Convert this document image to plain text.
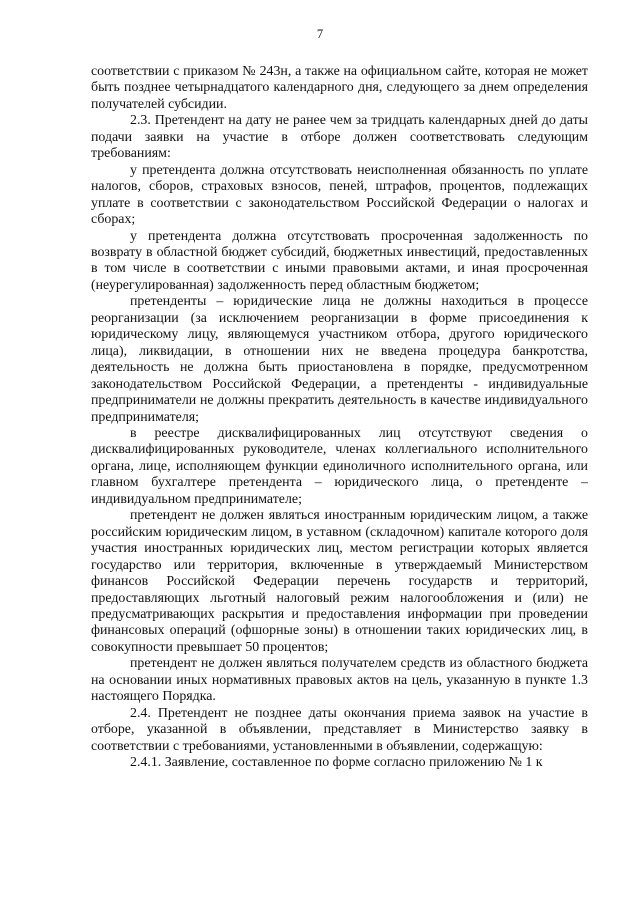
7

соответствии с приказом № 243н, а также на официальном сайте, которая не может быть позднее четырнадцатого календарного дня, следующего за днем определения получателей субсидии.

2.3. Претендент на дату не ранее чем за тридцать календарных дней до даты подачи заявки на участие в отборе должен соответствовать следующим требованиям:

у претендента должна отсутствовать неисполненная обязанность по уплате налогов, сборов, страховых взносов, пеней, штрафов, процентов, подлежащих уплате в соответствии с законодательством Российской Федерации о налогах и сборах;

у претендента должна отсутствовать просроченная задолженность по возврату в областной бюджет субсидий, бюджетных инвестиций, предоставленных в том числе в соответствии с иными правовыми актами, и иная просроченная (неурегулированная) задолженность перед областным бюджетом;

претенденты – юридические лица не должны находиться в процессе реорганизации (за исключением реорганизации в форме присоединения к юридическому лицу, являющемуся участником отбора, другого юридического лица), ликвидации, в отношении них не введена процедура банкротства, деятельность не должна быть приостановлена в порядке, предусмотренном законодательством Российской Федерации, а претенденты - индивидуальные предприниматели не должны прекратить деятельность в качестве индивидуального предпринимателя;

в реестре дисквалифицированных лиц отсутствуют сведения о дисквалифицированных руководителе, членах коллегиального исполнительного органа, лице, исполняющем функции единоличного исполнительного органа, или главном бухгалтере претендента – юридического лица, о претенденте – индивидуальном предпринимателе;

претендент не должен являться иностранным юридическим лицом, а также российским юридическим лицом, в уставном (складочном) капитале которого доля участия иностранных юридических лиц, местом регистрации которых является государство или территория, включенные в утверждаемый Министерством финансов Российской Федерации перечень государств и территорий, предоставляющих льготный налоговый режим налогообложения и (или) не предусматривающих раскрытия и предоставления информации при проведении финансовых операций (офшорные зоны) в отношении таких юридических лиц, в совокупности превышает 50 процентов;

претендент не должен являться получателем средств из областного бюджета на основании иных нормативных правовых актов на цель, указанную в пункте 1.3 настоящего Порядка.

2.4. Претендент не позднее даты окончания приема заявок на участие в отборе, указанной в объявлении, представляет в Министерство заявку в соответствии с требованиями, установленными в объявлении, содержащую:

2.4.1. Заявление, составленное по форме согласно приложению № 1 к
